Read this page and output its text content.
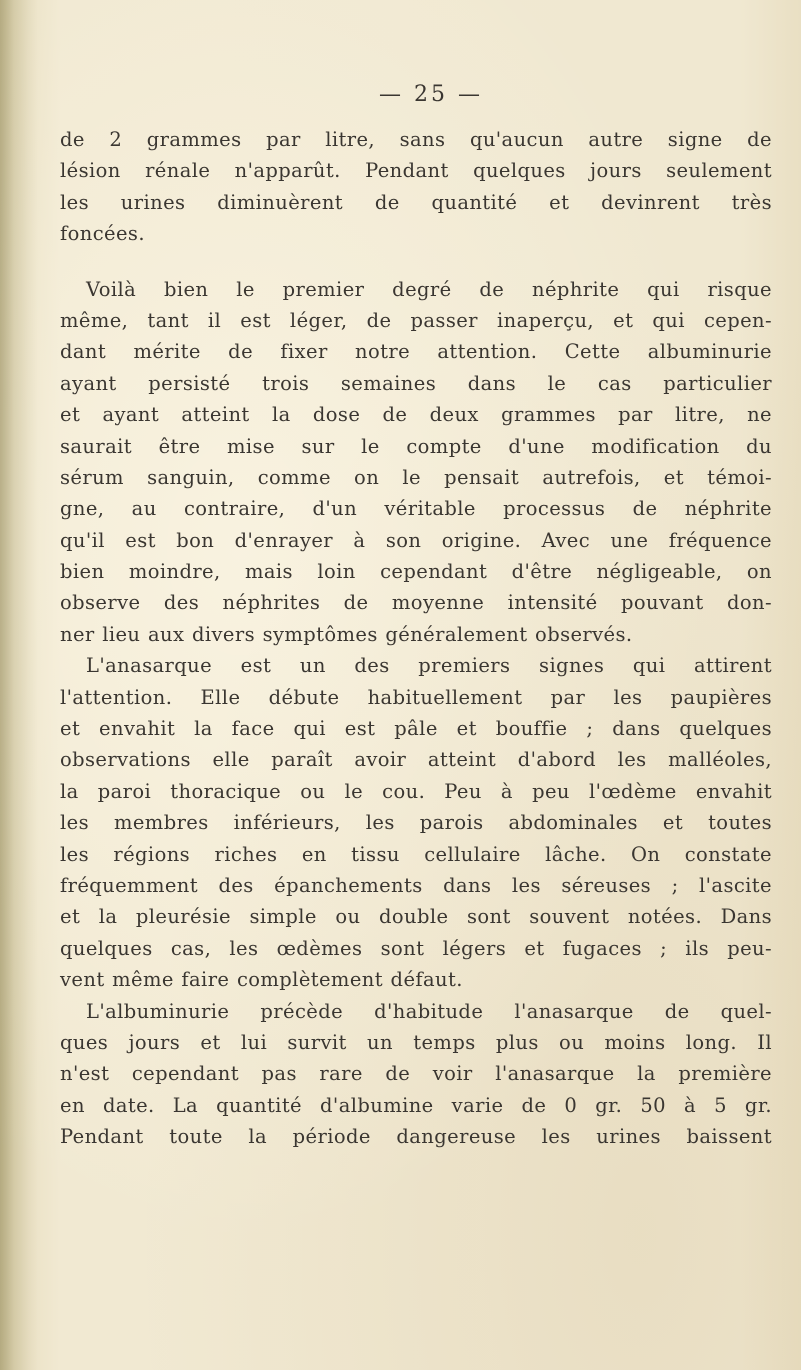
— 25 —
de 2 grammes par litre, sans qu'aucun autre signe de
lésion rénale n'apparût. Pendant quelques jours seulement
les urines diminuèrent de quantité et devinrent très
foncées.
Voilà bien le premier degré de néphrite qui risque
même, tant il est léger, de passer inaperçu, et qui cepen-
dant mérite de fixer notre attention. Cette albuminurie
ayant persisté trois semaines dans le cas particulier
et ayant atteint la dose de deux grammes par litre, ne
saurait être mise sur le compte d'une modification du
sérum sanguin, comme on le pensait autrefois, et témoi-
gne, au contraire, d'un véritable processus de néphrite
qu'il est bon d'enrayer à son origine. Avec une fréquence
bien moindre, mais loin cependant d'être négligeable, on
observe des néphrites de moyenne intensité pouvant don-
ner lieu aux divers symptômes généralement observés.
L'anasarque est un des premiers signes qui attirent
l'attention. Elle débute habituellement par les paupières
et envahit la face qui est pâle et bouffie ; dans quelques
observations elle paraît avoir atteint d'abord les malléoles,
la paroi thoracique ou le cou. Peu à peu l'œdème envahit
les membres inférieurs, les parois abdominales et toutes
les régions riches en tissu cellulaire lâche. On constate
fréquemment des épanchements dans les séreuses ; l'ascite
et la pleurésie simple ou double sont souvent notées. Dans
quelques cas, les œdèmes sont légers et fugaces ; ils peu-
vent même faire complètement défaut.
L'albuminurie précède d'habitude l'anasarque de quel-
ques jours et lui survit un temps plus ou moins long. Il
n'est cependant pas rare de voir l'anasarque la première
en date. La quantité d'albumine varie de 0 gr. 50 à 5 gr.
Pendant toute la période dangereuse les urines baissent
